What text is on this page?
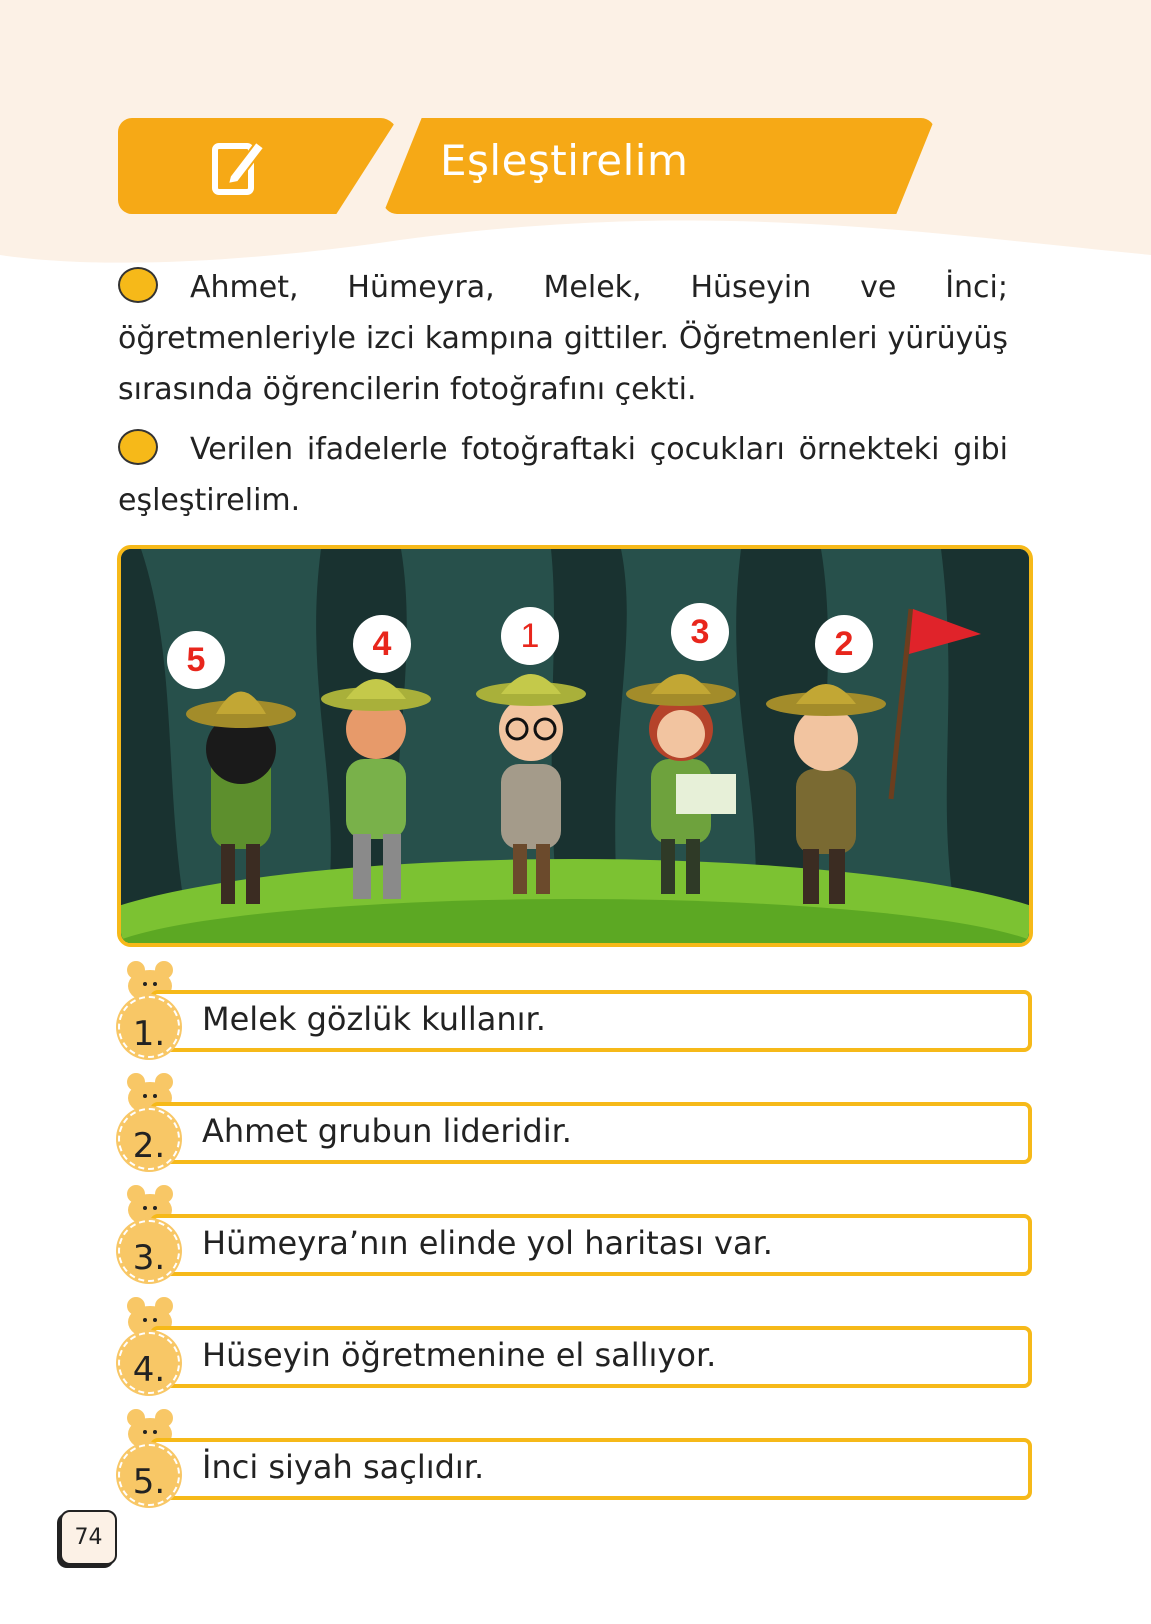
Eşleştirelim
Ahmet, Hümeyra, Melek, Hüseyin ve İnci; öğretmenleriyle izci kampına gittiler. Öğretmenleri yürüyüş sırasında öğrencilerin fotoğrafını çekti.
Verilen ifadelerle fotoğraftaki çocukları örnekteki gibi eşleştirelim.
5	4	1	3	2
1.	Melek gözlük kullanır.
2.	Ahmet grubun lideridir.
3.	Hümeyra’nın elinde yol haritası var.
4.	Hüseyin öğretmenine el sallıyor.
5.	İnci siyah saçlıdır.
74
